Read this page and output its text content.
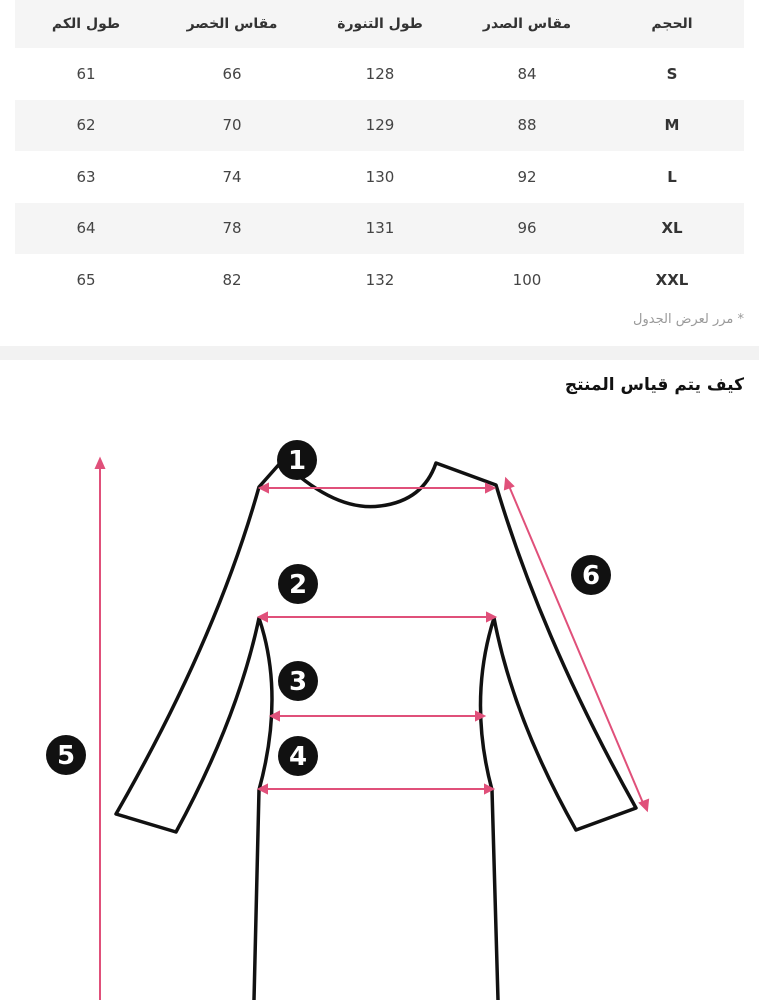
الحجم
مقاس الصدر
طول التنورة
مقاس الخصر
طول الكم
S
84
128
66
61
M
88
129
70
62
L
92
130
74
63
XL
96
131
78
64
XXL
100
132
82
65
* مرر لعرض الجدول
كيف يتم قياس المنتج
1
2
3
4
5
6
